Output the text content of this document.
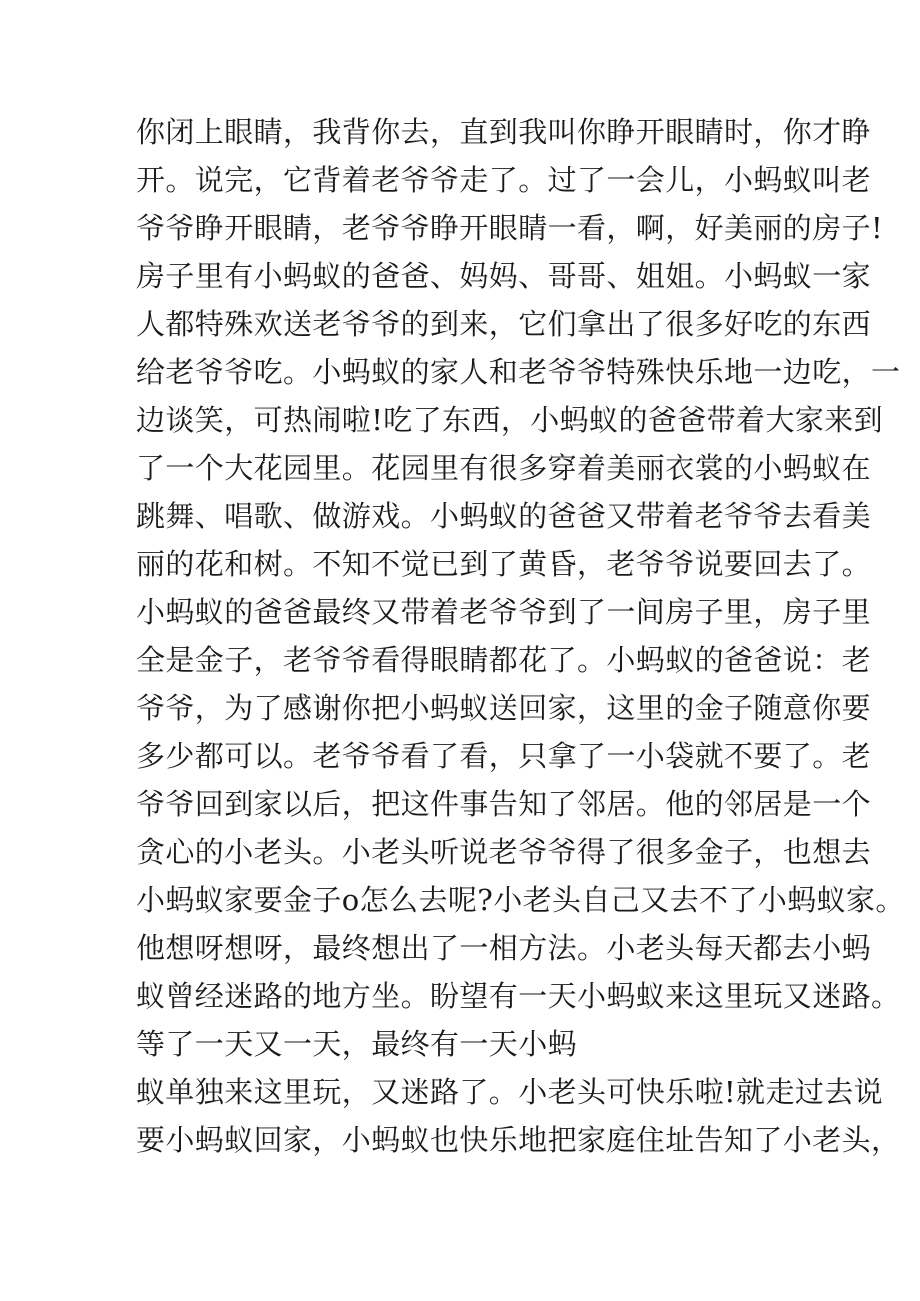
你闭上眼睛，我背你去，直到我叫你睁开眼睛时，你才睁
开。说完，它背着老爷爷走了。过了一会儿，小蚂蚁叫老
爷爷睁开眼睛，老爷爷睁开眼睛一看，啊，好美丽的房子!
房子里有小蚂蚁的爸爸、妈妈、哥哥、姐姐。小蚂蚁一家
人都特殊欢送老爷爷的到来，它们拿出了很多好吃的东西
给老爷爷吃。小蚂蚁的家人和老爷爷特殊快乐地一边吃，一
边谈笑，可热闹啦!吃了东西，小蚂蚁的爸爸带着大家来到
了一个大花园里。花园里有很多穿着美丽衣裳的小蚂蚁在
跳舞、唱歌、做游戏。小蚂蚁的爸爸又带着老爷爷去看美
丽的花和树。不知不觉已到了黄昏，老爷爷说要回去了。
小蚂蚁的爸爸最终又带着老爷爷到了一间房子里，房子里
全是金子，老爷爷看得眼睛都花了。小蚂蚁的爸爸说：老
爷爷，为了感谢你把小蚂蚁送回家，这里的金子随意你要
多少都可以。老爷爷看了看，只拿了一小袋就不要了。老
爷爷回到家以后，把这件事告知了邻居。他的邻居是一个
贪心的小老头。小老头听说老爷爷得了很多金子，也想去
小蚂蚁家要金子o怎么去呢?小老头自己又去不了小蚂蚁家。
他想呀想呀，最终想出了一相方法。小老头每天都去小蚂
蚁曾经迷路的地方坐。盼望有一天小蚂蚁来这里玩又迷路。
等了一天又一天，最终有一天小蚂
蚁单独来这里玩，又迷路了。小老头可快乐啦!就走过去说
要小蚂蚁回家，小蚂蚁也快乐地把家庭住址告知了小老头，
